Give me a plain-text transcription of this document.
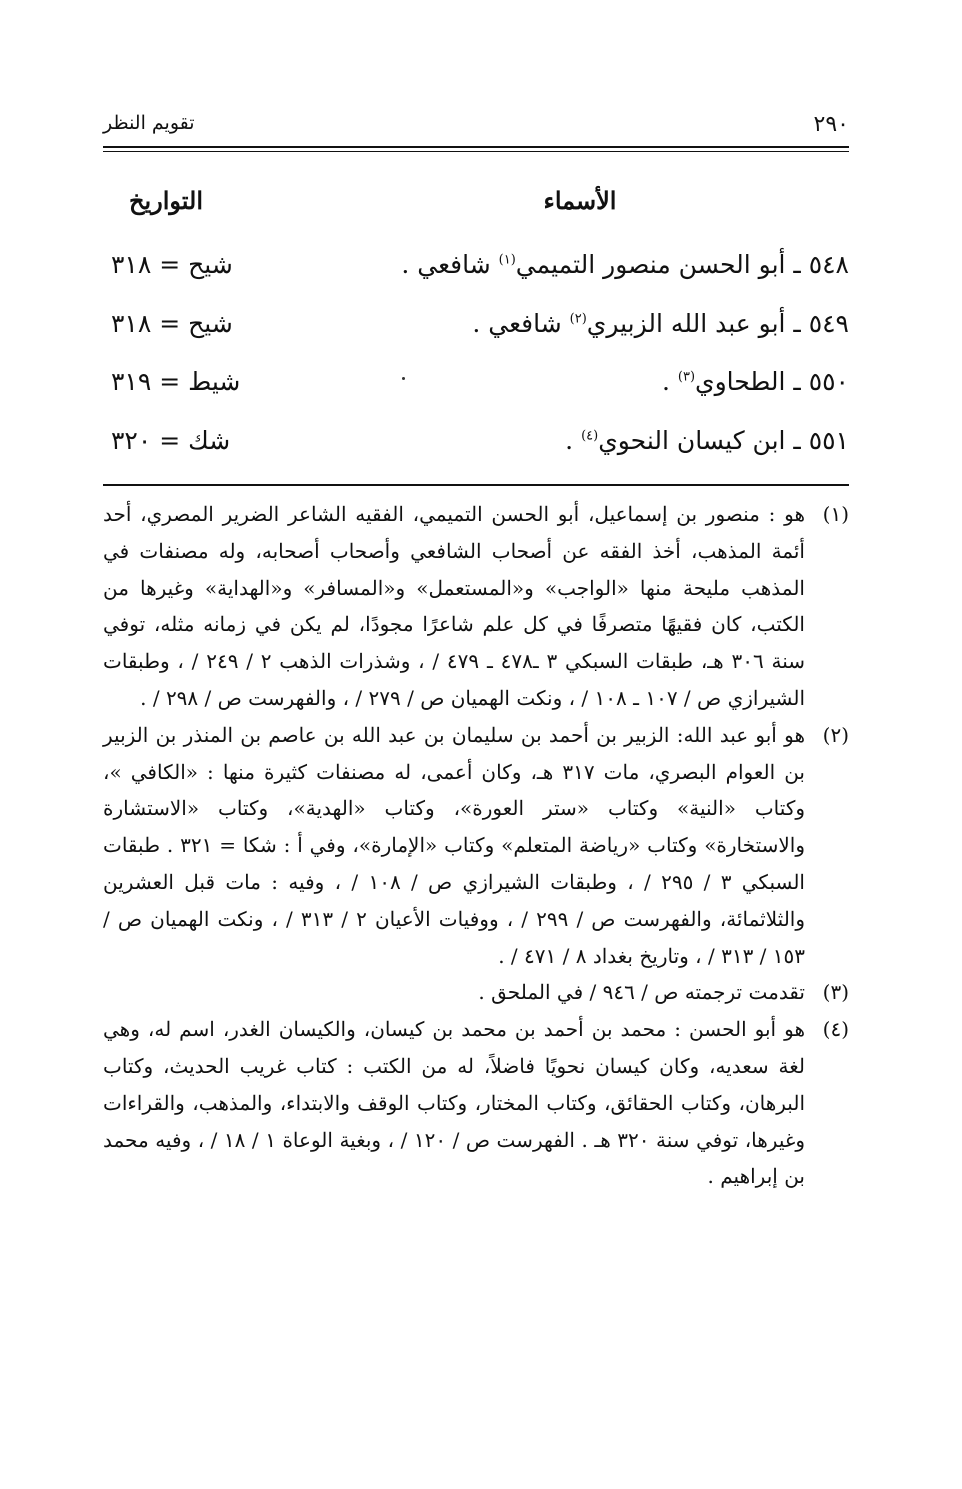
٢٩٠
تقويم النظر
الأسماء
التواريخ
٥٤٨ ـ أبو الحسن منصور التميمي$^{(١)}$ شافعي .
شيح = ٣١٨
٥٤٩ ـ أبو عبد الله الزبيري$^{(٢)}$ شافعي .
شيح = ٣١٨
٥٥٠ ـ الطحاوي$^{(٣)}$ .
شيط = ٣١٩
٥٥١ ـ ابن كيسان النحوي$^{(٤)}$ .
شك = ٣٢٠
(١)
هو : منصور بن إسماعيل، أبو الحسن التميمي، الفقيه الشاعر الضرير المصري، أحد أئمة المذهب، أخذ الفقه عن أصحاب الشافعي وأصحاب أصحابه، وله مصنفات في المذهب مليحة منها «الواجب» و«المستعمل» و«المسافر» و«الهداية» وغيرها من الكتب، كان فقيهًا متصرفًا في كل علم شاعرًا مجودًا، لم يكن في زمانه مثله، توفي سنة ٣٠٦ هـ، طبقات السبكي ٣ ـ٤٧٨ ـ ٤٧٩ / ، وشذرات الذهب ٢ / ٢٤٩ / ، وطبقات الشيرازي ص / ١٠٧ ـ ١٠٨ / ، ونكت الهميان ص / ٢٧٩ / ، والفهرست ص / ٢٩٨ / .
(٢)
هو أبو عبد الله: الزبير بن أحمد بن سليمان بن عبد الله بن عاصم بن المنذر بن الزبير بن العوام البصري، مات ٣١٧ هـ، وكان أعمى، له مصنفات كثيرة منها : «الكافي »، وكتاب «النية» وكتاب «ستر العورة»، وكتاب «الهدية»، وكتاب «الاستشارة والاستخارة» وكتاب «رياضة المتعلم» وكتاب «الإمارة»، وفي أ : شكا = ٣٢١ . طبقات السبكي ٣ / ٢٩٥ / ، وطبقات الشيرازي ص / ١٠٨ / ، وفيه : مات قبل العشرين والثلاثمائة، والفهرست ص / ٢٩٩ / ، ووفيات الأعيان ٢ / ٣١٣ / ، ونكت الهميان ص / ١٥٣ / ٣١٣ / ، وتاريخ بغداد ٨ / ٤٧١ / .
(٣)
تقدمت ترجمته ص / ٩٤٦ / في الملحق .
(٤)
هو أبو الحسن : محمد بن أحمد بن محمد بن كيسان، والكيسان الغدر، اسم له، وهي لغة سعديه، وكان كيسان نحويًا فاضلاً، له من الكتب : كتاب غريب الحديث، وكتاب البرهان، وكتاب الحقائق، وكتاب المختار، وكتاب الوقف والابتداء، والمذهب، والقراءات وغيرها، توفي سنة ٣٢٠ هـ . الفهرست ص / ١٢٠ / ، وبغية الوعاة ١ / ١٨ / ، وفيه محمد بن إبراهيم .
